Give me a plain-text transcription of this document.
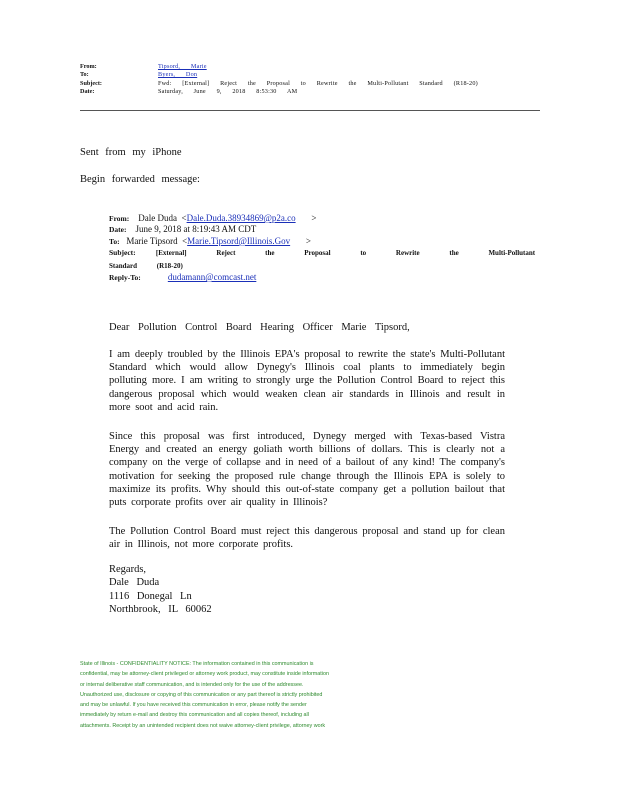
From:	Tipsord, Marie
To:	Byers, Don
Subject:	Fwd: [External] Reject the Proposal to Rewrite the Multi-Pollutant Standard (R18-20)
Date:	Saturday, June 9, 2018 8:53:30 AM
Sent from my iPhone
Begin forwarded message:
From: Dale Duda  <Dale.Duda.38934869@p2a.co       >
Date: June 9, 2018 at 8:19:43 AM CDT
To: Marie Tipsord  <Marie.Tipsord@Illinois.Gov       >
Subject:	[External] Reject the Proposal to Rewrite the Multi-Pollutant
Standard (R18-20)
Reply-To:	dudamann@comcast.net
Dear Pollution Control Board Hearing Officer Marie Tipsord,
I am deeply troubled by the Illinois EPA's proposal to rewrite the state's Multi-Pollutant Standard which would allow Dynegy's Illinois coal plants to immediately begin polluting more. I am writing to strongly urge the Pollution Control Board to reject this dangerous proposal which would weaken clean air standards in Illinois and result in more soot and acid rain.
Since this proposal was first introduced, Dynegy merged with Texas-based Vistra Energy and created an energy goliath worth billions of dollars. This is clearly not a company on the verge of collapse and in need of a bailout of any kind! The company's motivation for seeking the proposed rule change through the Illinois EPA is solely to maximize its profits. Why should this out-of-state company get a pollution bailout that puts corporate profits over air quality in Illinois?
The Pollution Control Board must reject this dangerous proposal and stand up for clean air in Illinois, not more corporate profits.
Regards,
Dale Duda
1116 Donegal Ln
Northbrook, IL 60062
State of Illinois - CONFIDENTIALITY NOTICE: The information contained in this communication is
confidential, may be attorney-client privileged or attorney work product, may constitute inside information
or internal deliberative staff communication, and is intended only for the use of the addressee.
Unauthorized use, disclosure or copying of this communication or any part thereof is strictly prohibited
and may be unlawful. If you have received this communication in error, please notify the sender
immediately by return e-mail and destroy this communication and all copies thereof, including all
attachments. Receipt by an unintended recipient does not waive attorney-client privilege, attorney work
